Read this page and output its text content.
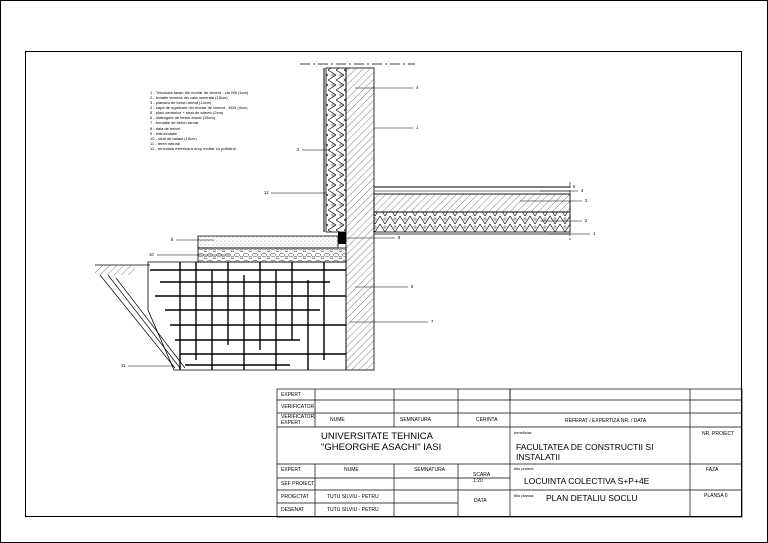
1 - Tencuiala tavan din mortar de ciment - var M8 (1cm)
2 - izolatie termica din vata minerala (15cm)
3 - planseu de beton armat (14cm)
4 - sapa de egalizare din mortar de ciment - M10 (4cm)
5 - placi ceramice + strat de adeziv (2cm)
6 - diafragme de beton armat (15cm)
7 - fundatie de beton armat
8 - dala de beton
9 - hidroizolatie
10 - strat de balast (15cm)
11 - teren natural
12 - tencuiala exterioara drop mortar cu polistirol
4
1
2
12
5
4
3
2
1
8
8
10
6
7
11
EXPERT
VERIFICATOR
VERIFICATOR/ EXPERT	NUME	SEMNATURA	CERINTA	REFERAT / EXPERTIZA NR. / DATA
UNIVERSITATE TEHNICA
"GHEORGHE ASACHI" IASI
beneficiar:
FACULTATEA DE CONSTRUCTII SI INSTALATII
NR. PROIECT
EXPERT	NUME	SEMNATURA
SCARA
1:20
titlu proiect:
LOCUINTA COLECTIVA S+P+4E
FAZA
SEF PROIECT
PROIECTAT	TUTU SILVIU - PETRU
DATA
titlu plansa: PLAN DETALIU SOCLU	PLANSA 6
DESENAT	TUTU SILVIU - PETRU
